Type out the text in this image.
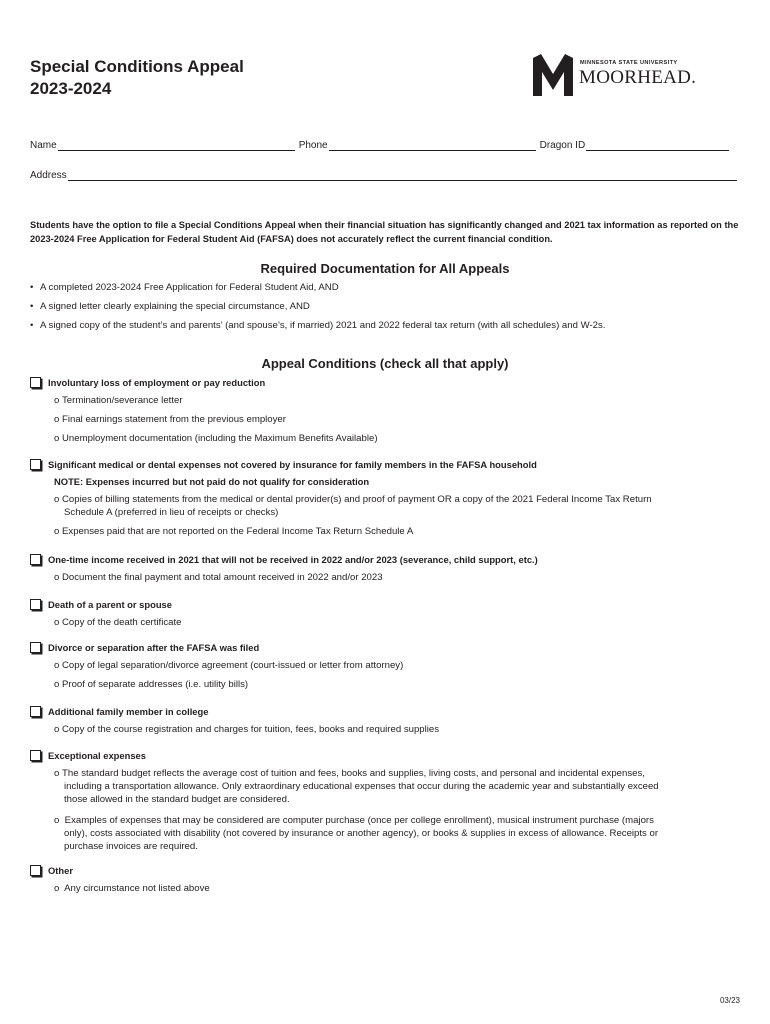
Special Conditions Appeal
2023-2024
MINNESOTA STATE UNIVERSITY
MOORHEAD.
Name	Phone	Dragon ID
Address
Students have the option to file a Special Conditions Appeal when their financial situation has significantly changed and 2021 tax information as reported on the 2023-2024 Free Application for Federal Student Aid (FAFSA) does not accurately reflect the current financial condition.
Required Documentation for All Appeals
• A completed 2023-2024 Free Application for Federal Student Aid, AND
• A signed letter clearly explaining the special circumstance, AND
• A signed copy of the student’s and parents’ (and spouse’s, if married) 2021 and 2022 federal tax return (with all schedules) and W-2s.
Appeal Conditions (check all that apply)
Involuntary loss of employment or pay reduction
o Termination/severance letter
o Final earnings statement from the previous employer
o Unemployment documentation (including the Maximum Benefits Available)
Significant medical or dental expenses not covered by insurance for family members in the FAFSA household
NOTE: Expenses incurred but not paid do not qualify for consideration
o Copies of billing statements from the medical or dental provider(s) and proof of payment OR a copy of the 2021 Federal Income Tax Return
Schedule A (preferred in lieu of receipts or checks)
o Expenses paid that are not reported on the Federal Income Tax Return Schedule A
One-time income received in 2021 that will not be received in 2022 and/or 2023 (severance, child support, etc.)
o Document the final payment and total amount received in 2022 and/or 2023
Death of a parent or spouse
o Copy of the death certificate
Divorce or separation after the FAFSA was filed
o Copy of legal separation/divorce agreement (court-issued or letter from attorney)
o Proof of separate addresses (i.e. utility bills)
Additional family member in college
o Copy of the course registration and charges for tuition, fees, books and required supplies
Exceptional expenses
o The standard budget reflects the average cost of tuition and fees, books and supplies, living costs, and personal and incidental expenses,
including a transportation allowance. Only extraordinary educational expenses that occur during the academic year and substantially exceed
those allowed in the standard budget are considered.
o Examples of expenses that may be considered are computer purchase (once per college enrollment), musical instrument purchase (majors
only), costs associated with disability (not covered by insurance or another agency), or books & supplies in excess of allowance. Receipts or
purchase invoices are required.
Other
o Any circumstance not listed above
03/23
